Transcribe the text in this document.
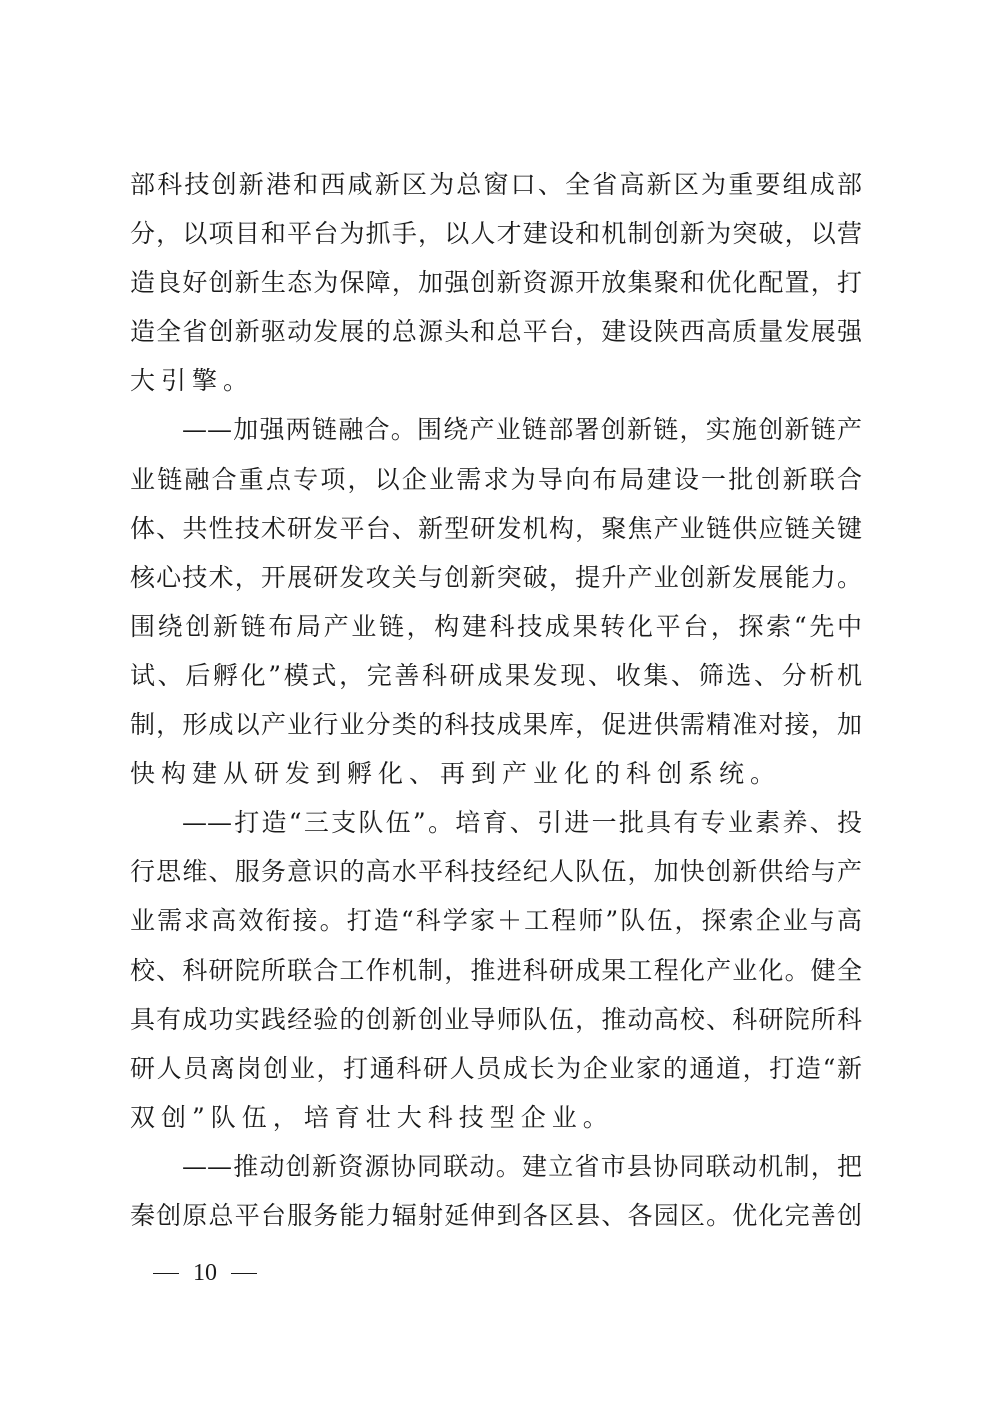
部科技创新港和西咸新区为总窗口、全省高新区为重要组成部
分，以项目和平台为抓手，以人才建设和机制创新为突破，以营
造良好创新生态为保障，加强创新资源开放集聚和优化配置，打
造全省创新驱动发展的总源头和总平台，建设陕西高质量发展强
大引擎。
——加强两链融合。围绕产业链部署创新链，实施创新链产
业链融合重点专项，以企业需求为导向布局建设一批创新联合
体、共性技术研发平台、新型研发机构，聚焦产业链供应链关键
核心技术，开展研发攻关与创新突破，提升产业创新发展能力。
围绕创新链布局产业链，构建科技成果转化平台，探索“先中
试、后孵化”模式，完善科研成果发现、收集、筛选、分析机
制，形成以产业行业分类的科技成果库，促进供需精准对接，加
快构建从研发到孵化、再到产业化的科创系统。
——打造“三支队伍”。培育、引进一批具有专业素养、投
行思维、服务意识的高水平科技经纪人队伍，加快创新供给与产
业需求高效衔接。打造“科学家＋工程师”队伍，探索企业与高
校、科研院所联合工作机制，推进科研成果工程化产业化。健全
具有成功实践经验的创新创业导师队伍，推动高校、科研院所科
研人员离岗创业，打通科研人员成长为企业家的通道，打造“新
双创”队伍，培育壮大科技型企业。
——推动创新资源协同联动。建立省市县协同联动机制，把
秦创原总平台服务能力辐射延伸到各区县、各园区。优化完善创
10
